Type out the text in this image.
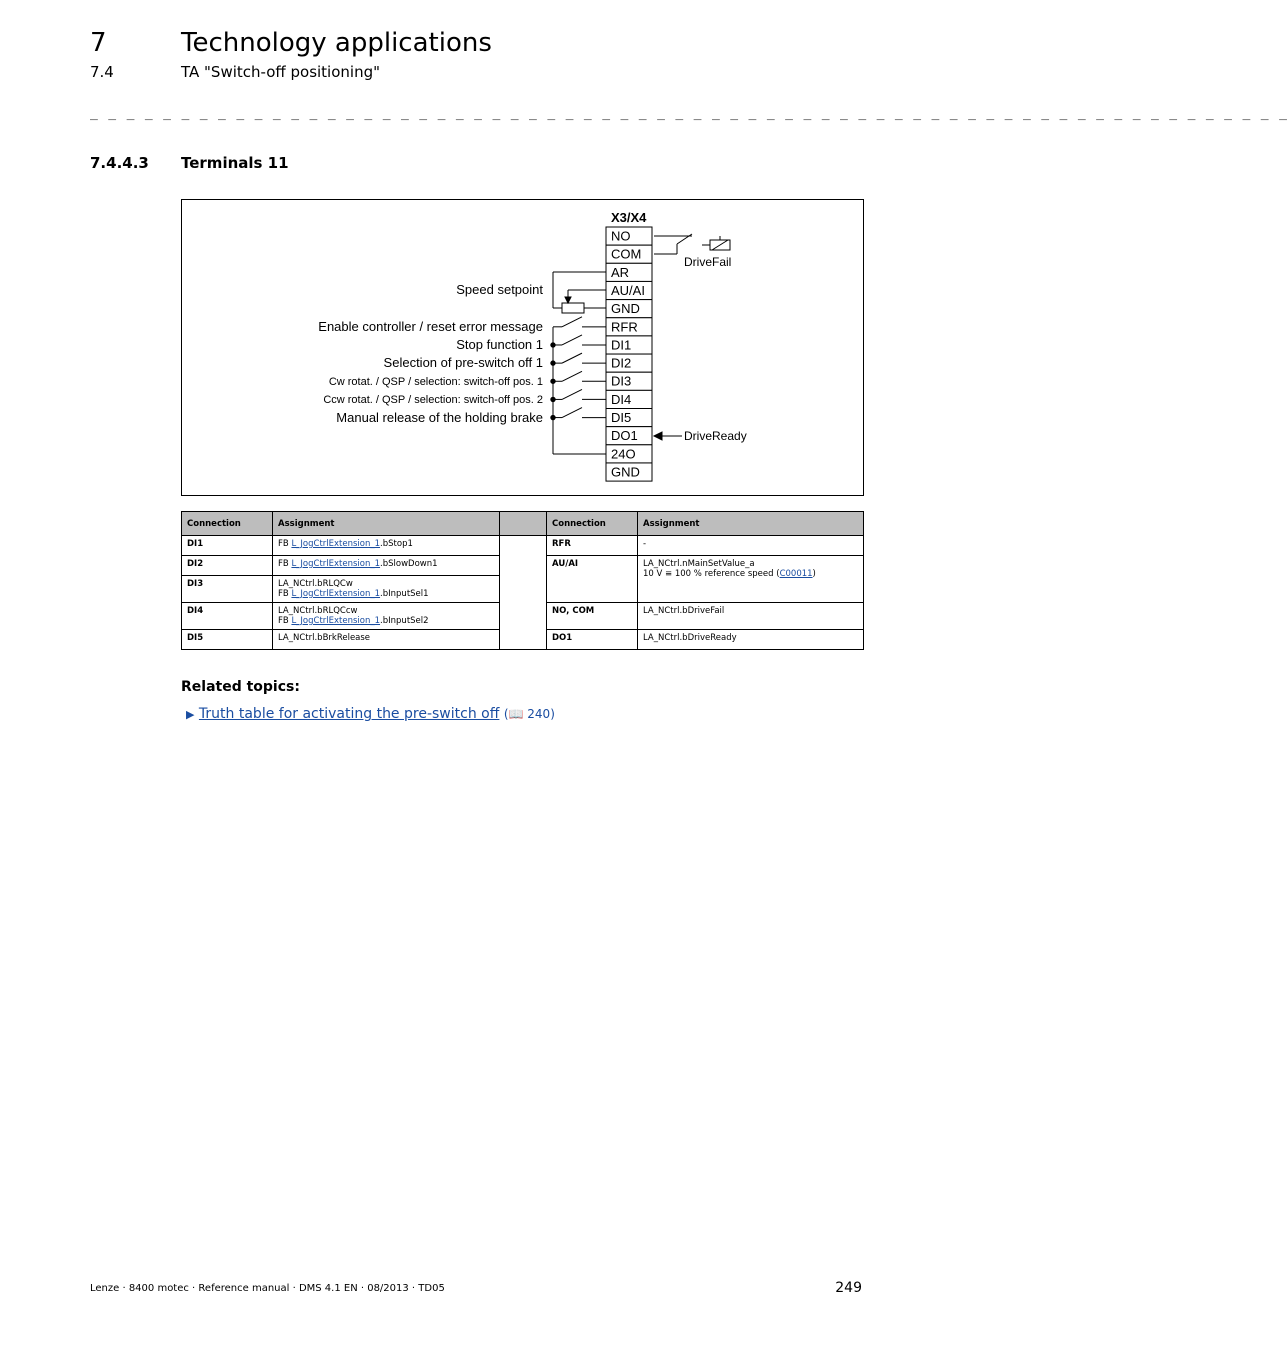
7	Technology applications
7.4	TA "Switch-off positioning"
_ _ _ _ _ _ _ _ _ _ _ _ _ _ _ _ _ _ _ _ _ _ _ _ _ _ _ _ _ _ _ _ _ _ _ _ _ _ _ _ _ _ _ _ _ _ _ _ _ _ _ _ _ _ _ _ _ _ _ _ _ _ _ _ _ _
7.4.4.3 Terminals 11
X3/X4
NO
COM
AR
AU/AI
GND
RFR
DI1
DI2
DI3
DI4
DI5
DO1
24O
GND
Speed setpoint
Enable controller / reset error message
Stop function 1
Selection of pre-switch off 1
Cw rotat. / QSP / selection: switch-off pos. 1
Ccw rotat. / QSP / selection: switch-off pos. 2
Manual release of the holding brake
DriveFail
DriveReady
Connection	Assignment		Connection	Assignment
DI1	FB L_JogCtrlExtension_1.bStop1		RFR	-
DI2	FB L_JogCtrlExtension_1.bSlowDown1		AU/AI	LA_NCtrl.nMainSetValue_a
10 V ≡ 100 % reference speed (C00011)

DI3	LA_NCtrl.bRLQCw
FB L_JogCtrlExtension_1.bInputSel1			

DI4	LA_NCtrl.bRLQCcw
FB L_JogCtrlExtension_1.bInputSel2		NO, COM	LA_NCtrl.bDriveFail
DI5	LA_NCtrl.bBrkRelease		DO1	LA_NCtrl.bDriveReady
Related topics:
▶ Truth table for activating the pre-switch off (📖 240)
Lenze · 8400 motec · Reference manual · DMS 4.1 EN · 08/2013 · TD05	249
